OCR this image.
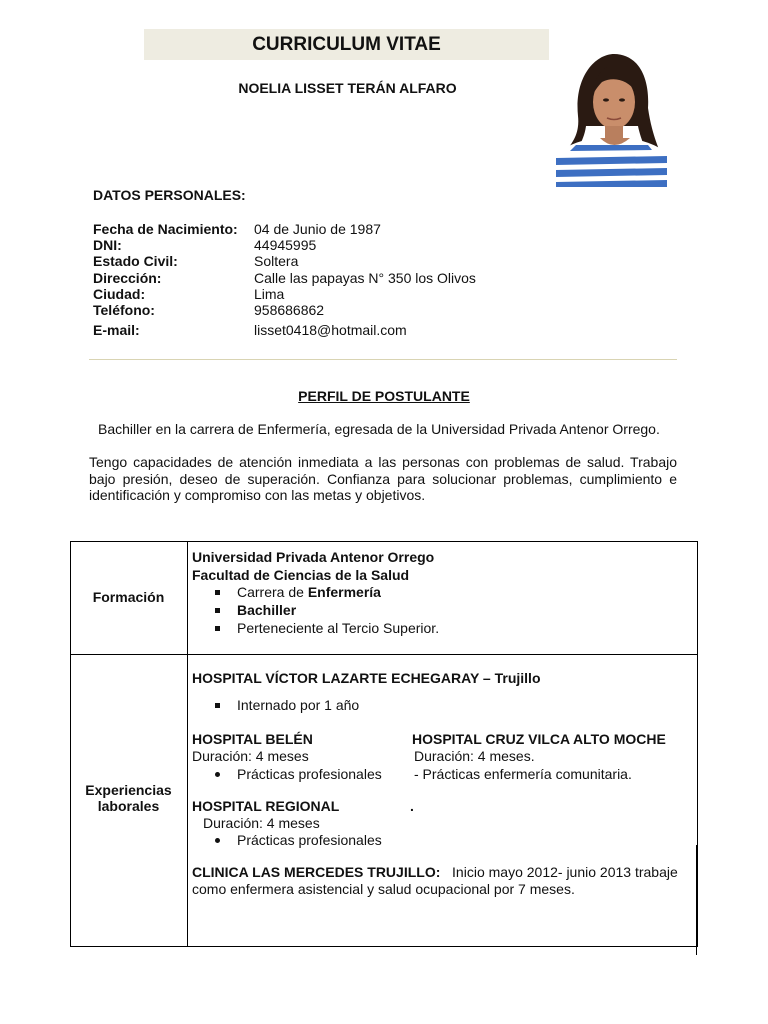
CURRICULUM VITAE
NOELIA LISSET TERÁN ALFARO
DATOS PERSONALES:
Fecha de Nacimiento: 04 de Junio de 1987
DNI:	44945995
Estado Civil:	Soltera
Dirección:	Calle las papayas N° 350 los Olivos
Ciudad:	Lima
Teléfono:	958686862
E-mail:	lisset0418@hotmail.com
PERFIL DE POSTULANTE
Bachiller en la carrera de Enfermería, egresada de la Universidad Privada Antenor Orrego.
Tengo capacidades de atención inmediata a las personas con problemas de salud. Trabajo bajo presión, deseo de superación. Confianza para solucionar problemas, cumplimiento e identificación y compromiso con las metas y objetivos.
Formación
Universidad Privada Antenor Orrego
Facultad de Ciencias de la Salud
Carrera de Enfermería
Bachiller
Perteneciente al Tercio Superior.
Experiencias
laborales
HOSPITAL VÍCTOR LAZARTE ECHEGARAY – Trujillo
Internado por 1 año
HOSPITAL BELÉN
Duración: 4 meses
Prácticas profesionales
HOSPITAL CRUZ VILCA ALTO MOCHE
Duración: 4 meses.
- Prácticas enfermería comunitaria.
HOSPITAL REGIONAL	.
Duración: 4 meses
Prácticas profesionales
CLINICA LAS MERCEDES TRUJILLO: Inicio mayo 2012- junio 2013 trabaje
como enfermera asistencial y salud ocupacional por 7 meses.
